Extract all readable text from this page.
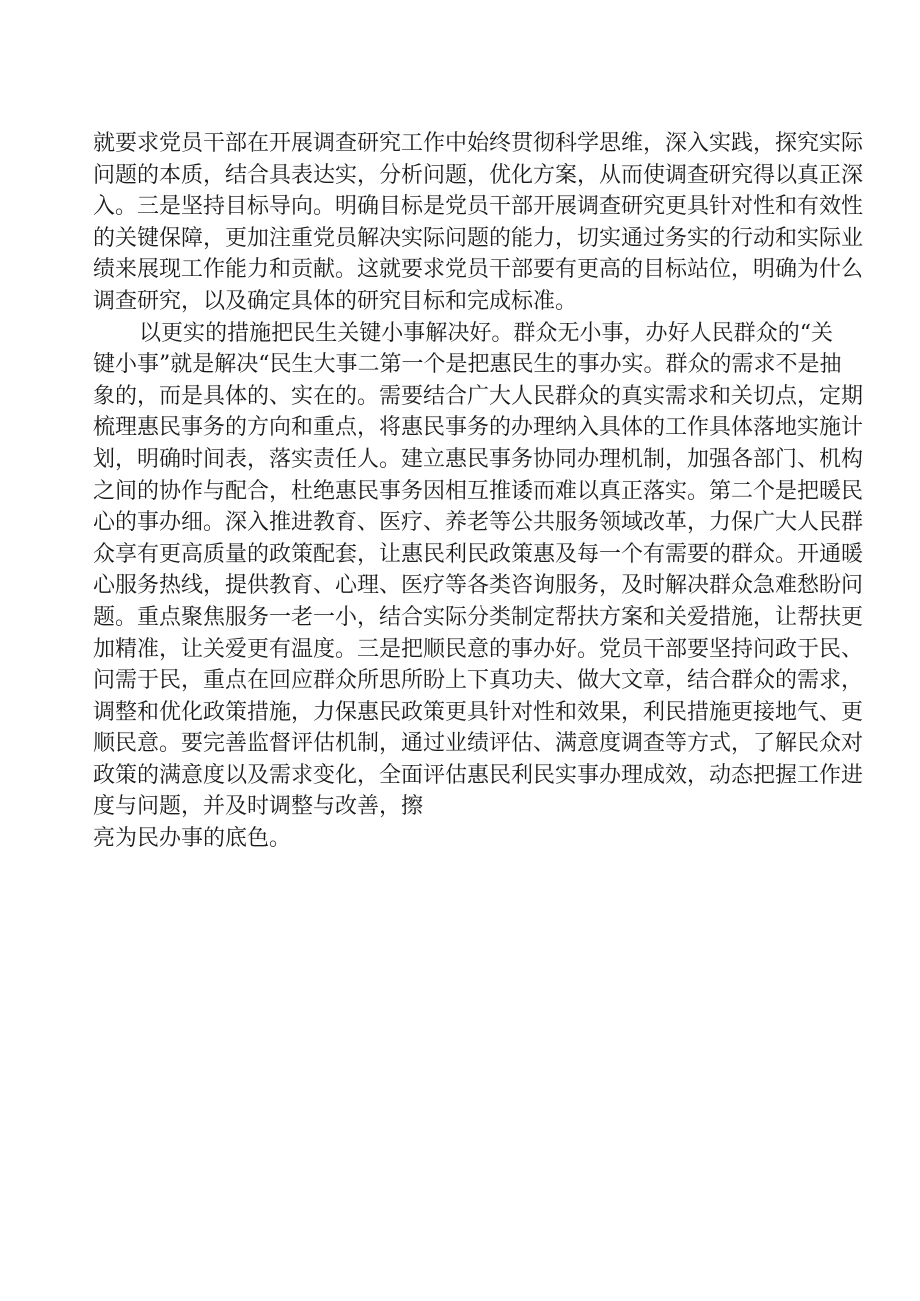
就要求党员干部在开展调查研究工作中始终贯彻科学思维，深入实践，探究实际
问题的本质，结合具表达实，分析问题，优化方案，从而使调查研究得以真正深
入。三是坚持目标导向。明确目标是党员干部开展调查研究更具针对性和有效性
的关键保障，更加注重党员解决实际问题的能力，切实通过务实的行动和实际业
绩来展现工作能力和贡献。这就要求党员干部要有更高的目标站位，明确为什么
调查研究，以及确定具体的研究目标和完成标准。
以更实的措施把民生关键小事解决好。群众无小事，办好人民群众的“关
键小事”就是解决“民生大事二第一个是把惠民生的事办实。群众的需求不是抽
象的，而是具体的、实在的。需要结合广大人民群众的真实需求和关切点，定期
梳理惠民事务的方向和重点，将惠民事务的办理纳入具体的工作具体落地实施计
划，明确时间表，落实责任人。建立惠民事务协同办理机制，加强各部门、机构
之间的协作与配合，杜绝惠民事务因相互推诿而难以真正落实。第二个是把暖民
心的事办细。深入推进教育、医疗、养老等公共服务领域改革，力保广大人民群
众享有更高质量的政策配套，让惠民利民政策惠及每一个有需要的群众。开通暖
心服务热线，提供教育、心理、医疗等各类咨询服务，及时解决群众急难愁盼问
题。重点聚焦服务一老一小，结合实际分类制定帮扶方案和关爱措施，让帮扶更
加精准，让关爱更有温度。三是把顺民意的事办好。党员干部要坚持问政于民、
问需于民，重点在回应群众所思所盼上下真功夫、做大文章，结合群众的需求，
调整和优化政策措施，力保惠民政策更具针对性和效果，利民措施更接地气、更
顺民意。要完善监督评估机制，通过业绩评估、满意度调查等方式，了解民众对
政策的满意度以及需求变化，全面评估惠民利民实事办理成效，动态把握工作进
度与问题，并及时调整与改善，擦
亮为民办事的底色。
